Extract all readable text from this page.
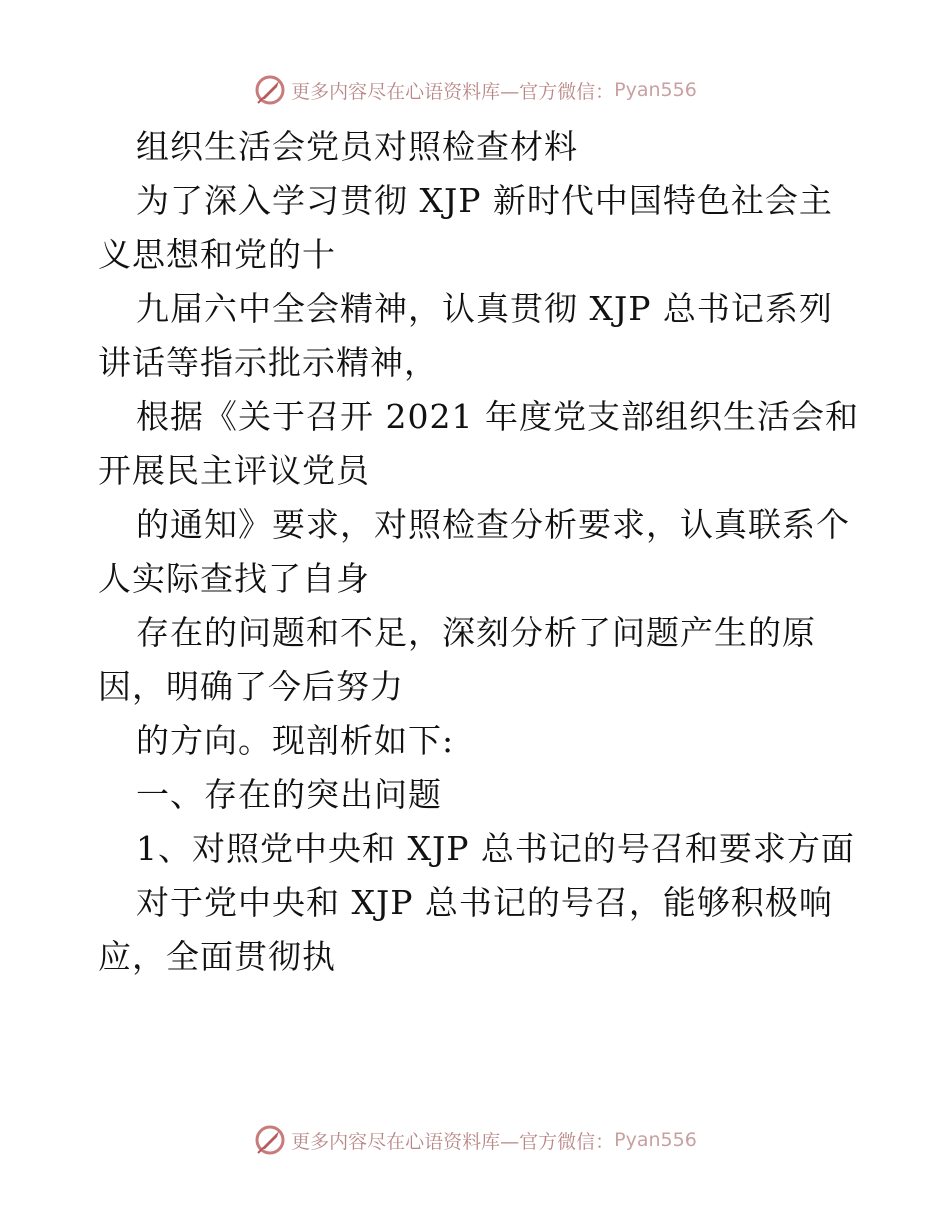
更多内容尽在心语资料库—官方微信： Pyan556
组织生活会党员对照检查材料
为了深入学习贯彻 XJP 新时代中国特色社会主
义思想和党的十
九届六中全会精神，认真贯彻 XJP 总书记系列
讲话等指示批示精神，
根据《关于召开 2021 年度党支部组织生活会和
开展民主评议党员
的通知》要求，对照检查分析要求，认真联系个
人实际查找了自身
存在的问题和不足，深刻分析了问题产生的原
因，明确了今后努力
的方向。现剖析如下:
一、存在的突出问题
1、对照党中央和 XJP 总书记的号召和要求方面
对于党中央和 XJP 总书记的号召，能够积极响
应，全面贯彻执
更多内容尽在心语资料库—官方微信： Pyan556
